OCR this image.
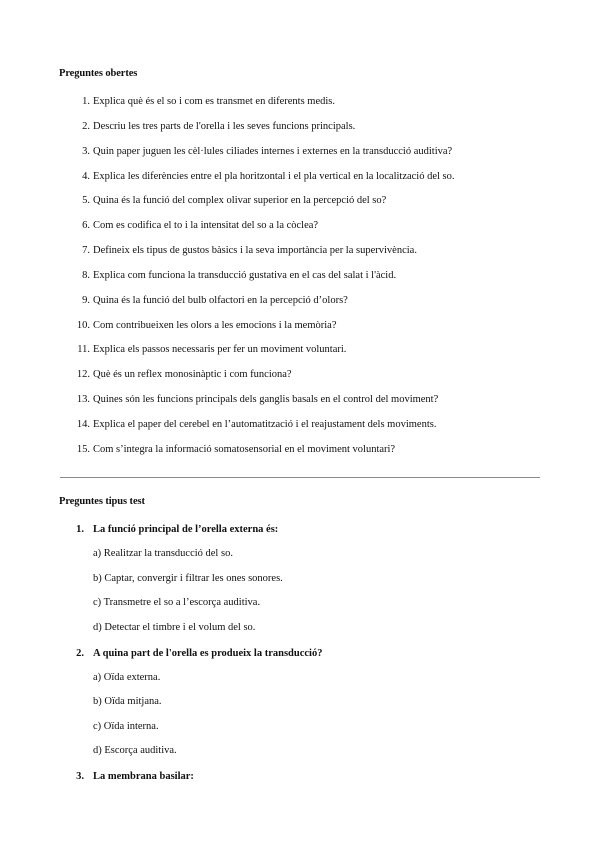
Preguntes obertes
1. Explica què és el so i com es transmet en diferents medis.
2. Descriu les tres parts de l'orella i les seves funcions principals.
3. Quin paper juguen les cèl·lules ciliades internes i externes en la transducció auditiva?
4. Explica les diferències entre el pla horitzontal i el pla vertical en la localització del so.
5. Quina és la funció del complex olivar superior en la percepció del so?
6. Com es codifica el to i la intensitat del so a la còclea?
7. Defineix els tipus de gustos bàsics i la seva importància per la supervivència.
8. Explica com funciona la transducció gustativa en el cas del salat i l'àcid.
9. Quina és la funció del bulb olfactori en la percepció d’olors?
10. Com contribueixen les olors a les emocions i la memòria?
11. Explica els passos necessaris per fer un moviment voluntari.
12. Què és un reflex monosinàptic i com funciona?
13. Quines són les funcions principals dels ganglis basals en el control del moviment?
14. Explica el paper del cerebel en l’automatització i el reajustament dels moviments.
15. Com s’integra la informació somatosensorial en el moviment voluntari?
Preguntes tipus test
1. La funció principal de l’orella externa és:
a) Realitzar la transducció del so.
b) Captar, convergir i filtrar les ones sonores.
c) Transmetre el so a l’escorça auditiva.
d) Detectar el timbre i el volum del so.
2. A quina part de l'orella es produeix la transducció?
a) Oïda externa.
b) Oïda mitjana.
c) Oïda interna.
d) Escorça auditiva.
3. La membrana basilar:
